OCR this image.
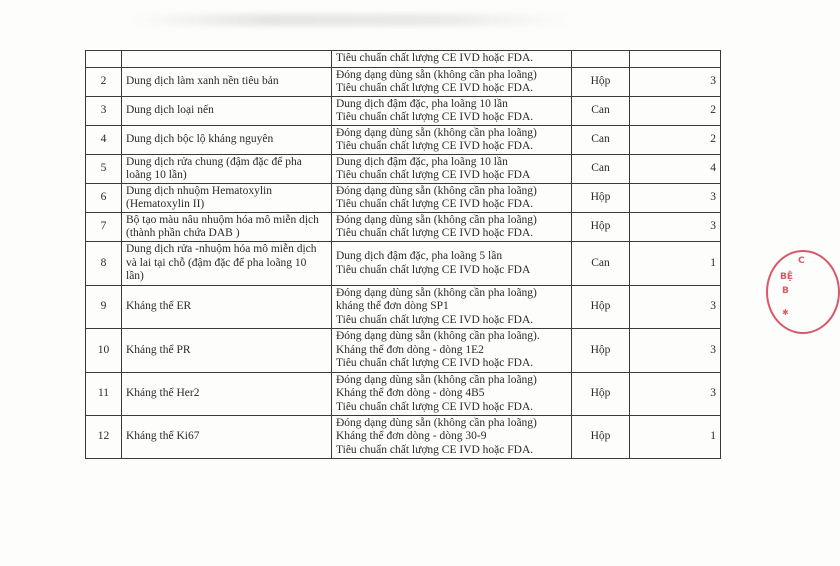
		Tiêu chuẩn chất lượng CE IVD hoặc FDA.		

2	Dung dịch làm xanh nền tiêu bản	Đóng dạng dùng sẵn (không cần pha loãng)
Tiêu chuẩn chất lượng CE IVD hoặc FDA.	Hộp	3
3	Dung dịch loại nến	Dung dịch đậm đặc, pha loãng 10 lần
Tiêu chuẩn chất lượng CE IVD hoặc FDA.	Can	2
4	Dung dịch bộc lộ kháng nguyên	Đóng dạng dùng sẵn (không cần pha loãng)
Tiêu chuẩn chất lượng CE IVD hoặc FDA.	Can	2
5	Dung dịch rửa chung (đậm đặc để pha
loãng 10 lần)	Dung dịch đậm đặc, pha loãng 10 lần
Tiêu chuẩn chất lượng CE IVD hoặc FDA	Can	4
6	Dung dịch nhuộm Hematoxylin
(Hematoxylin II)	Đóng dạng dùng sẵn (không cần pha loãng)
Tiêu chuẩn chất lượng CE IVD hoặc FDA.	Hộp	3
7	Bộ tạo màu nâu nhuộm hóa mô miễn dịch
(thành phần chứa DAB )	Đóng dạng dùng sẵn (không cần pha loãng)
Tiêu chuẩn chất lượng CE IVD hoặc FDA.	Hộp	3
8	Dung dịch rửa -nhuộm hóa mô miễn dịch
và lai tại chỗ (đậm đặc để pha loãng 10
lần)	Dung dịch đậm đặc, pha loãng 5 lần
Tiêu chuẩn chất lượng CE IVD hoặc FDA	Can	1
9	Kháng thể ER	Đóng dạng dùng sẵn (không cần pha loãng)
kháng thể đơn dòng SP1
Tiêu chuẩn chất lượng CE IVD hoặc FDA.	Hộp	3
10	Kháng thể PR	Đóng dạng dùng sẵn (không cần pha loãng).
Kháng thể đơn dòng - dòng 1E2
Tiêu chuẩn chất lượng CE IVD hoặc FDA.	Hộp	3
11	Kháng thể Her2	Đóng dạng dùng sẵn (không cần pha loãng)
Kháng thể đơn dòng - dòng 4B5
Tiêu chuẩn chất lượng CE IVD hoặc FDA.	Hộp	3
12	Kháng thể Ki67	Đóng dạng dùng sẵn (không cần pha loãng)
Kháng thể đơn dòng - dòng 30-9
Tiêu chuẩn chất lượng CE IVD hoặc FDA.	Hộp	1
C
BỆ
B
✱
